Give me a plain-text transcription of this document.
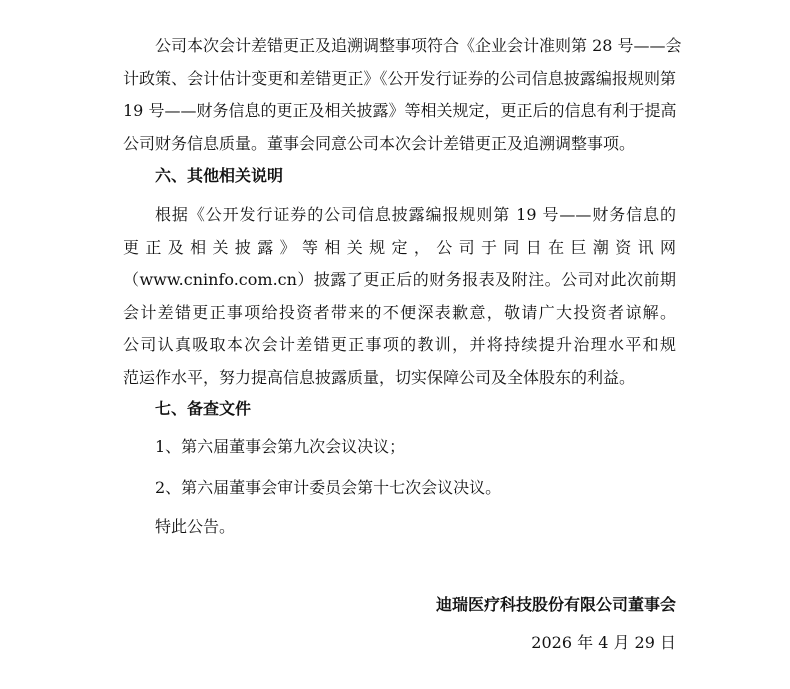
公司本次会计差错更正及追溯调整事项符合《企业会计准则第 28 号——会
计政策、会计估计变更和差错更正》《公开发行证券的公司信息披露编报规则第
19 号——财务信息的更正及相关披露》等相关规定，更正后的信息有利于提高
公司财务信息质量。董事会同意公司本次会计差错更正及追溯调整事项。

六、其他相关说明

根据《公开发行证券的公司信息披露编报规则第 19 号——财务信息的
更 正 及 相 关 披 露 》 等 相 关 规 定 ， 公 司 于 同 日 在 巨 潮 资 讯 网
（www.cninfo.com.cn）披露了更正后的财务报表及附注。公司对此次前期
会计差错更正事项给投资者带来的不便深表歉意，敬请广大投资者谅解。
公司认真吸取本次会计差错更正事项的教训，并将持续提升治理水平和规
范运作水平，努力提高信息披露质量，切实保障公司及全体股东的利益。

七、备查文件

1、第六届董事会第九次会议决议；

2、第六届董事会审计委员会第十七次会议决议。

特此公告。

迪瑞医疗科技股份有限公司董事会

2026 年 4 月 29 日
